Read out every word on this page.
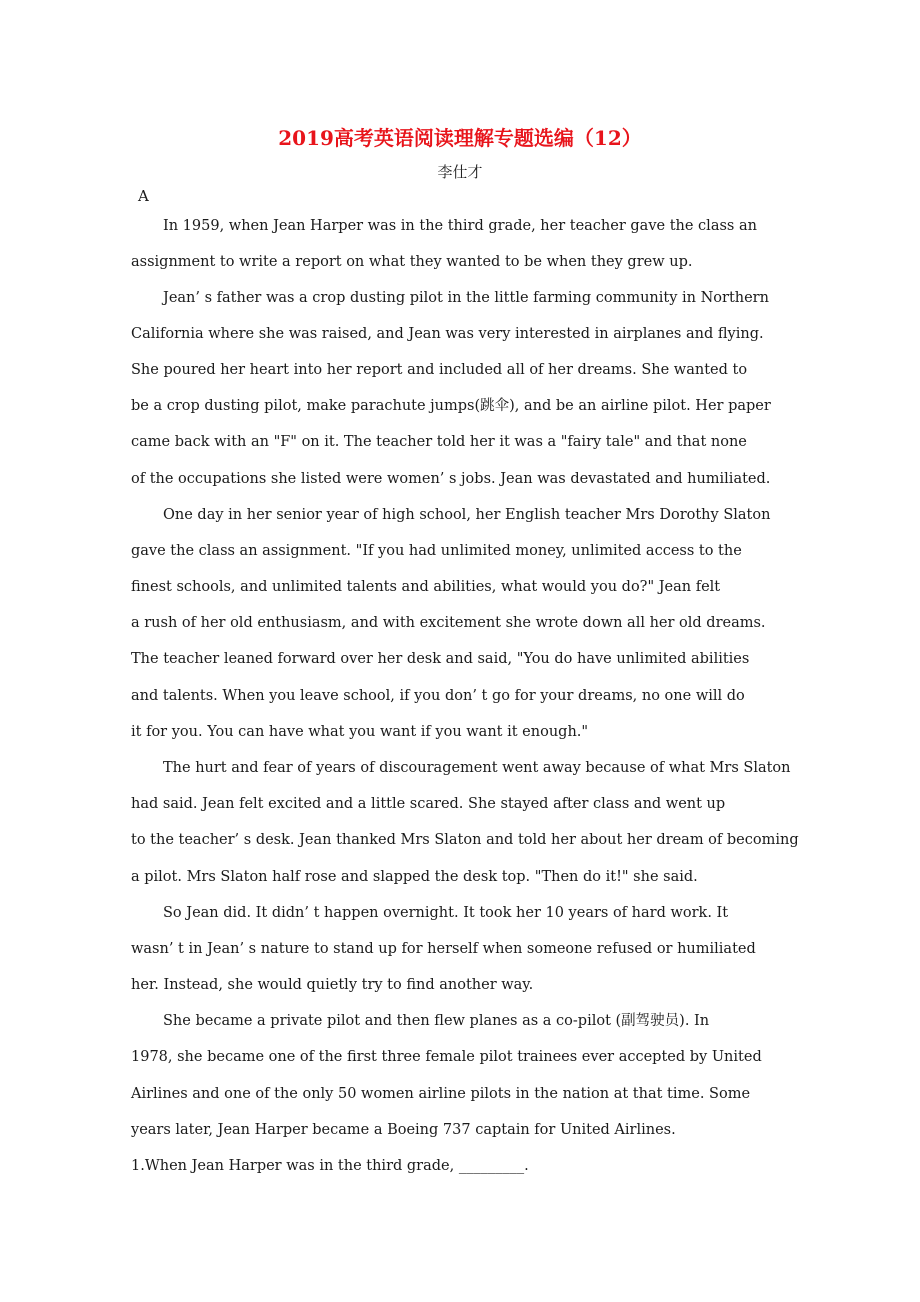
2019高考英语阅读理解专题选编（12）
李仕才
A
In 1959, when Jean Harper was in the third grade, her teacher gave the class an
assignment to write a report on what they wanted to be when they grew up.
Jean’ s father was a crop dusting pilot in the little farming community in Northern
California where she was raised, and Jean was very interested in airplanes and flying.
She poured her heart into her report and included all of her dreams. She wanted to
be a crop dusting pilot, make parachute jumps(跳伞), and be an airline pilot. Her paper
came back with an "F" on it. The teacher told her it was a "fairy tale" and that none
of the occupations she listed were women’ s jobs. Jean was devastated and humiliated.
One day in her senior year of high school, her English teacher Mrs Dorothy Slaton
gave the class an assignment. "If you had unlimited money, unlimited access to the
finest schools, and unlimited talents and abilities, what would you do?" Jean felt
a rush of her old enthusiasm, and with excitement she wrote down all her old dreams.
The teacher leaned forward over her desk and said, "You do have unlimited abilities
and talents. When you leave school, if you don’ t go for your dreams, no one will do
it for you. You can have what you want if you want it enough."
The hurt and fear of years of discouragement went away because of what Mrs Slaton
had said. Jean felt excited and a little scared. She stayed after class and went up
to the teacher’ s desk. Jean thanked Mrs Slaton and told her about her dream of becoming
a pilot. Mrs Slaton half rose and slapped the desk top. "Then do it!" she said.
So Jean did. It didn’ t happen overnight. It took her 10 years of hard work. It
wasn’ t in Jean’ s nature to stand up for herself when someone refused or humiliated
her. Instead, she would quietly try to find another way.
She became a private pilot and then flew planes as a co-pilot (副驾驶员). In
1978, she became one of the first three female pilot trainees ever accepted by United
Airlines and one of the only 50 women airline pilots in the nation at that time. Some
years later, Jean Harper became a Boeing 737 captain for United Airlines.
1.When Jean Harper was in the third grade, _________.
